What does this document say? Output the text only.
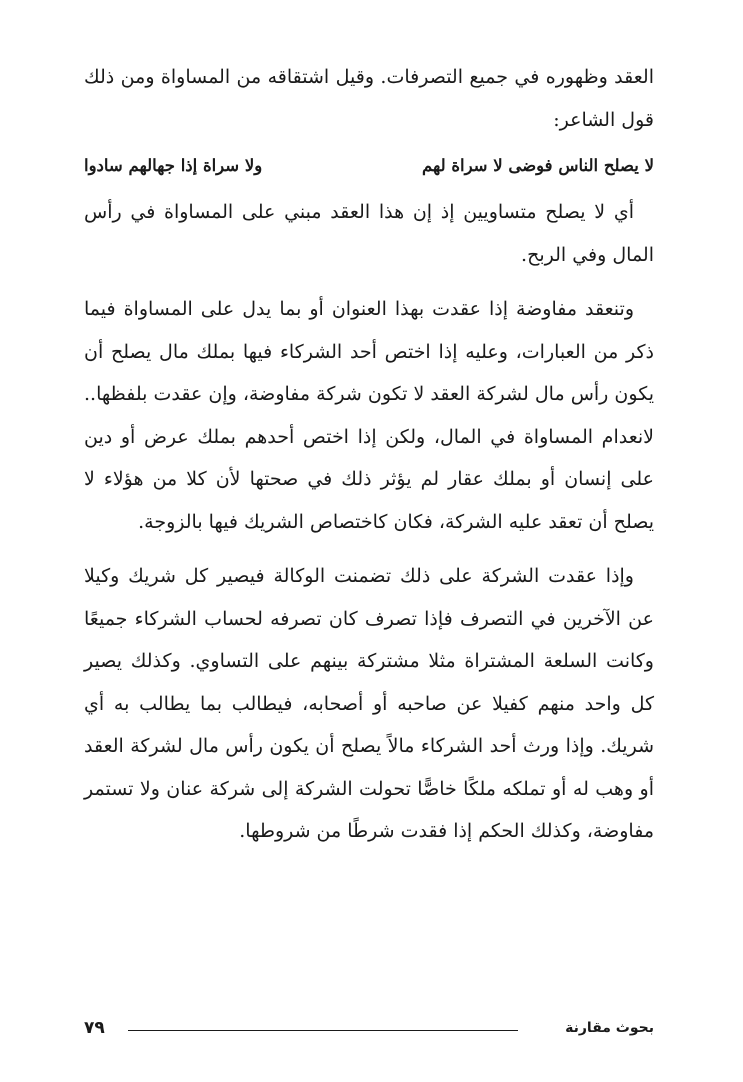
العقد وظهوره في جميع التصرفات. وقيل اشتقاقه من المساواة ومن ذلك قول الشاعر:

لا يصلح الناس فوضى لا سراة لهم
ولا سراة إذا جهالهم سادوا

أي لا يصلح متساويين إذ إن هذا العقد مبني على المساواة في رأس المال وفي الربح.

وتنعقد مفاوضة إذا عقدت بهذا العنوان أو بما يدل على المساواة فيما ذكر من العبارات، وعليه إذا اختص أحد الشركاء فيها بملك مال يصلح أن يكون رأس مال لشركة العقد لا تكون شركة مفاوضة، وإن عقدت بلفظها.. لانعدام المساواة في المال، ولكن إذا اختص أحدهم بملك عرض أو دين على إنسان أو بملك عقار لم يؤثر ذلك في صحتها لأن كلا من هؤلاء لا يصلح أن تعقد عليه الشركة، فكان كاختصاص الشريك فيها بالزوجة.

وإذا عقدت الشركة على ذلك تضمنت الوكالة فيصير كل شريك وكيلا عن الآخرين في التصرف فإذا تصرف كان تصرفه لحساب الشركاء جميعًا وكانت السلعة المشتراة مثلا مشتركة بينهم على التساوي. وكذلك يصير كل واحد منهم كفيلا عن صاحبه أو أصحابه، فيطالب بما يطالب به أي شريك. وإذا ورث أحد الشركاء مالاً يصلح أن يكون رأس مال لشركة العقد أو وهب له أو تملكه ملكًا خاصًّا تحولت الشركة إلى شركة عنان ولا تستمر مفاوضة، وكذلك الحكم إذا فقدت شرطًا من شروطها.

بحوث مقارنة
٧٩
